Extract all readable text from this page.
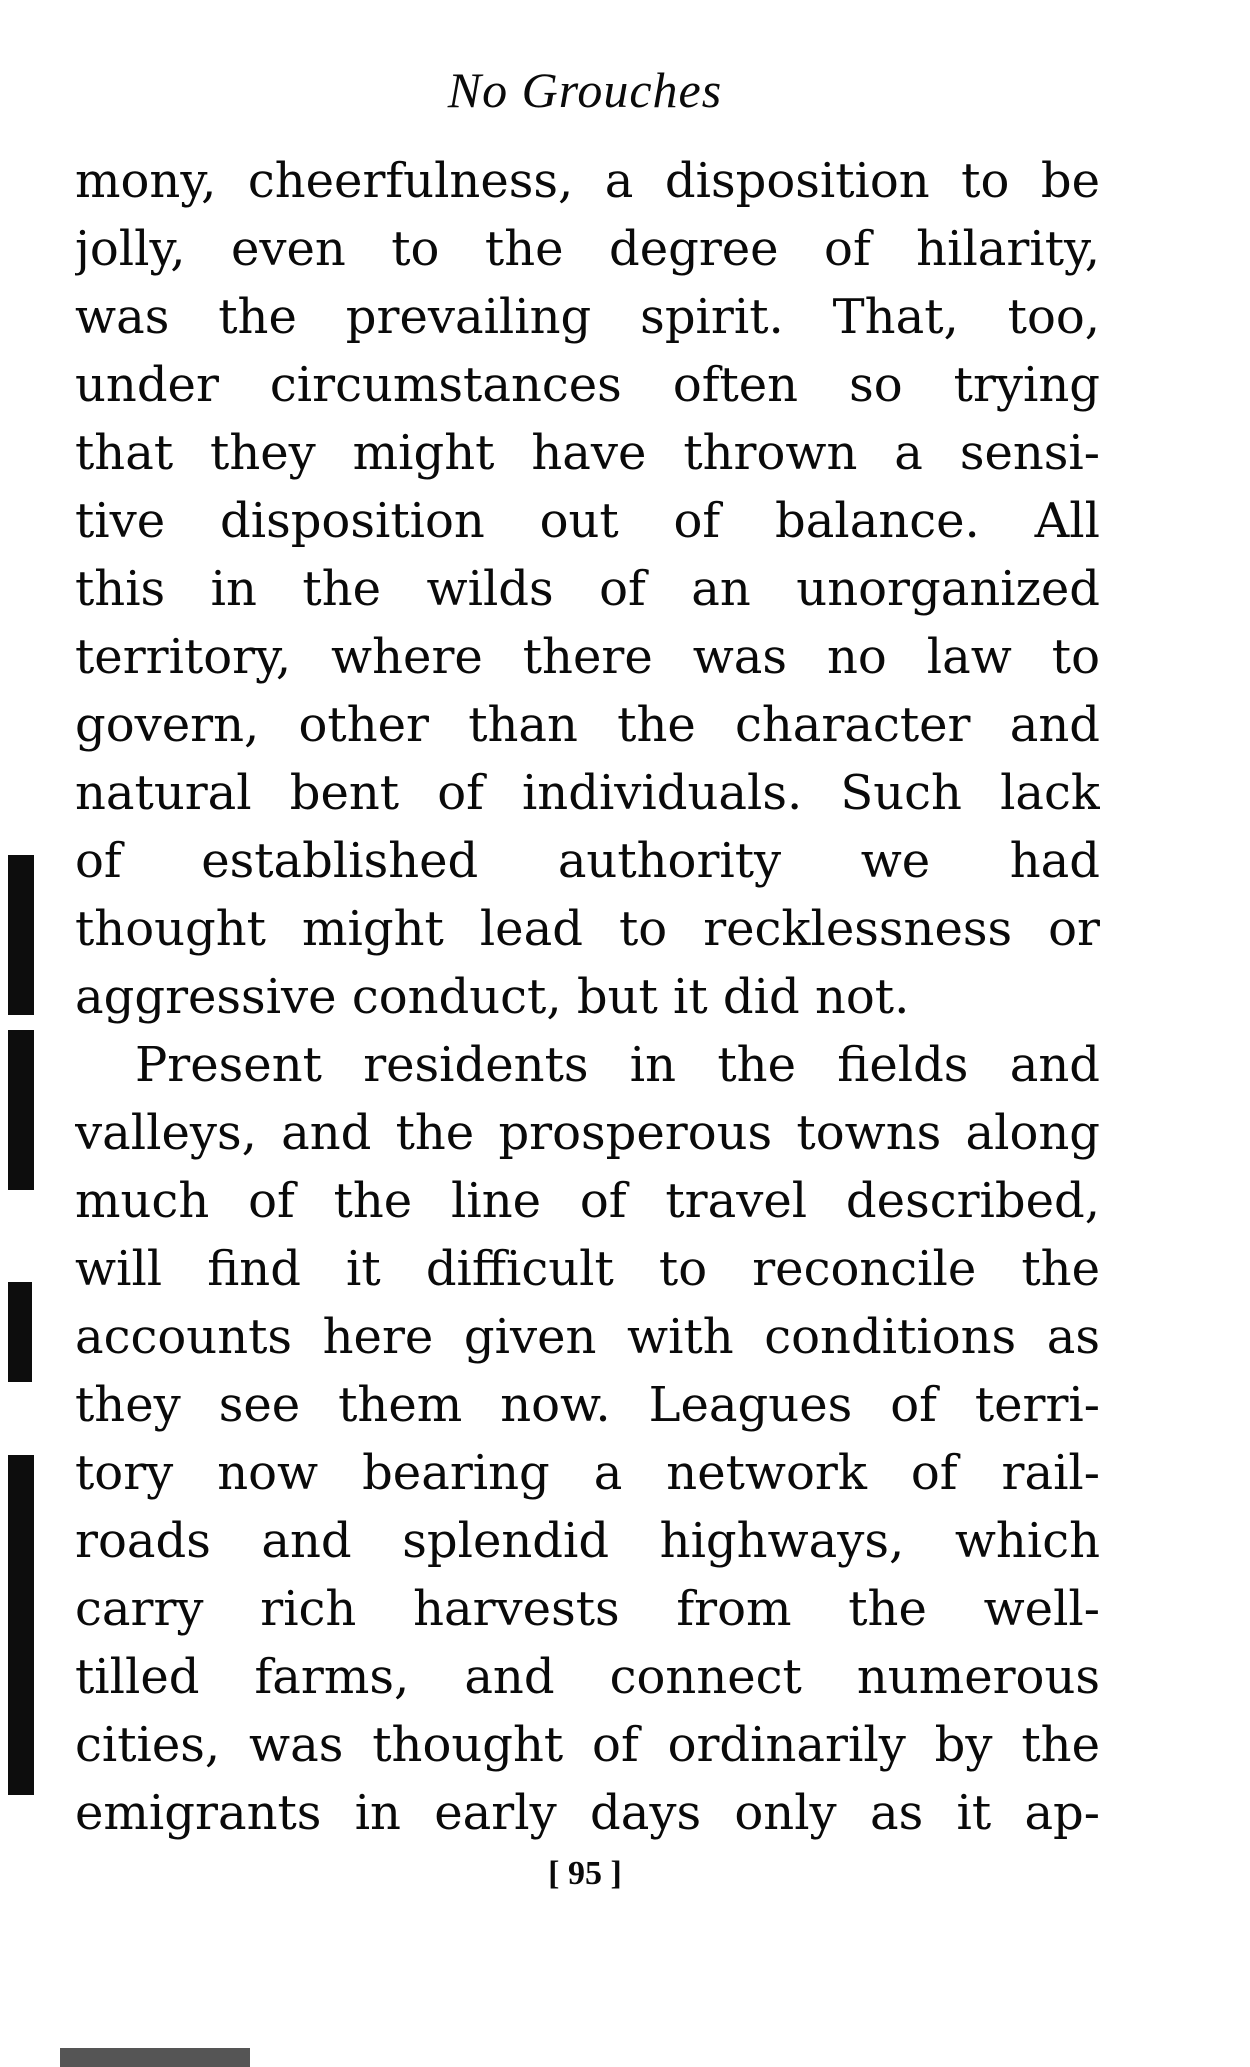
No Grouches
mony, cheerfulness, a disposition to be
jolly, even to the degree of hilarity,
was the prevailing spirit. That, too,
under circumstances often so trying
that they might have thrown a sensi-
tive disposition out of balance. All
this in the wilds of an unorganized
territory, where there was no law to
govern, other than the character and
natural bent of individuals. Such lack
of established authority we had
thought might lead to recklessness or
aggressive conduct, but it did not.
Present residents in the fields and
valleys, and the prosperous towns along
much of the line of travel described,
will find it difficult to reconcile the
accounts here given with conditions as
they see them now. Leagues of terri-
tory now bearing a network of rail-
roads and splendid highways, which
carry rich harvests from the well-
tilled farms, and connect numerous
cities, was thought of ordinarily by the
emigrants in early days only as it ap-
[ 95 ]
